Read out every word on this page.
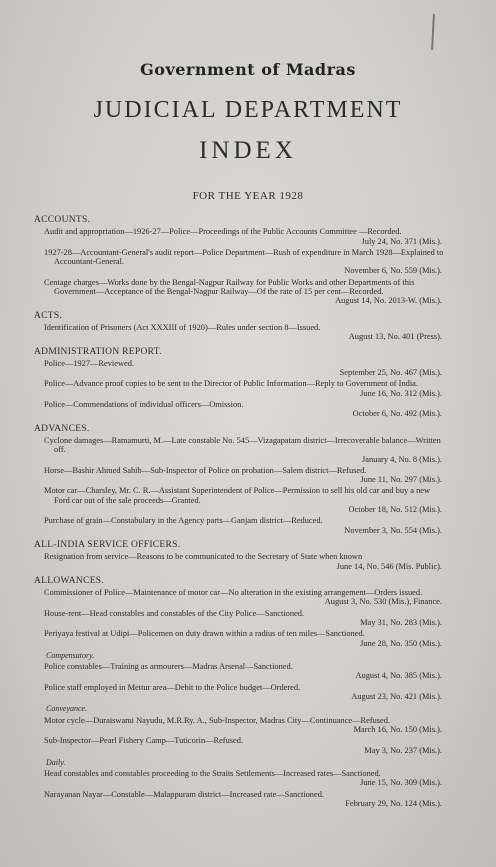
Government of Madras
JUDICIAL DEPARTMENT
INDEX
FOR THE YEAR 1928
ACCOUNTS.
Audit and appropriation—1926-27—Police—Proceedings of the Public Accounts Committee —Recorded.
July 24, No. 371 (Mis.).
1927-28—Accountant-General's audit report—Police Department—Rush of expenditure in March 1928—Explained to Accountant-General.
November 6, No. 559 (Mis.).
Centage charges—Works done by the Bengal-Nagpur Railway for Public Works and other Departments of this Government—Acceptance of the Bengal-Nagpur Railway—Of the rate of 15 per cent—Recorded.
August 14, No. 2013-W. (Mis.).
ACTS.
Identification of Prisoners (Act XXXIII of 1920)—Rules under section 8—Issued.
August 13, No. 401 (Press).
ADMINISTRATION REPORT.
Police—1927—Reviewed.
September 25, No. 467 (Mis.).
Police—Advance proof copies to be sent to the Director of Public Information—Reply to Government of India.
June 16, No. 312 (Mis.).
Police—Commendations of individual officers—Omission.
October 6, No. 492 (Mis.).
ADVANCES.
Cyclone damages—Ramamurti, M.—Late constable No. 545—Vizagapatam district—Irrecoverable balance—Written off.
January 4, No. 8 (Mis.).
Horse—Bashir Ahmed Sahib—Sub-Inspector of Police on probation—Salem district—Refused.
June 11, No. 297 (Mis.).
Motor car—Charsley, Mr. C. R.—Assistant Superintendent of Police—Permission to sell his old car and buy a new Ford car out of the sale proceeds—Granted.
October 18, No. 512 (Mis.).
Purchase of grain—Constabulary in the Agency parts—Ganjam district—Reduced.
November 3, No. 554 (Mis.).
ALL-INDIA SERVICE OFFICERS.
Resignation from service—Reasons to be communicated to the Secretary of State when known
June 14, No. 546 (Mis. Public).
ALLOWANCES.
Commissioner of Police—Maintenance of motor car—No alteration in the existing arrangement—Orders issued.
August 3, No. 530 (Mis.), Finance.
House-rent—Head constables and constables of the City Police—Sanctioned.
May 31, No. 283 (Mis.).
Periyaya festival at Udipi—Policemen on duty drawn within a radius of ten miles—Sanctioned.
June 28, No. 350 (Mis.).
Compensatory.
Police constables—Training as armourers—Madras Arsenal—Sanctioned.
August 4, No. 385 (Mis.).
Police staff employed in Mettur area—Debit to the Police budget—Ordered.
August 23, No. 421 (Mis.).
Conveyance.
Motor cycle—Duraiswami Nayudu, M.R.Ry. A., Sub-Inspector, Madras City—Continuance—Refused.
March 16, No. 150 (Mis.).
Sub-Inspector—Pearl Fishery Camp—Tuticorin—Refused.
May 3, No. 237 (Mis.).
Daily.
Head constables and constables proceeding to the Straits Settlements—Increased rates—Sanctioned.
June 15, No. 309 (Mis.).
Narayanan Nayar—Constable—Malappuram district—Increased rate—Sanctioned.
February 29, No. 124 (Mis.).
